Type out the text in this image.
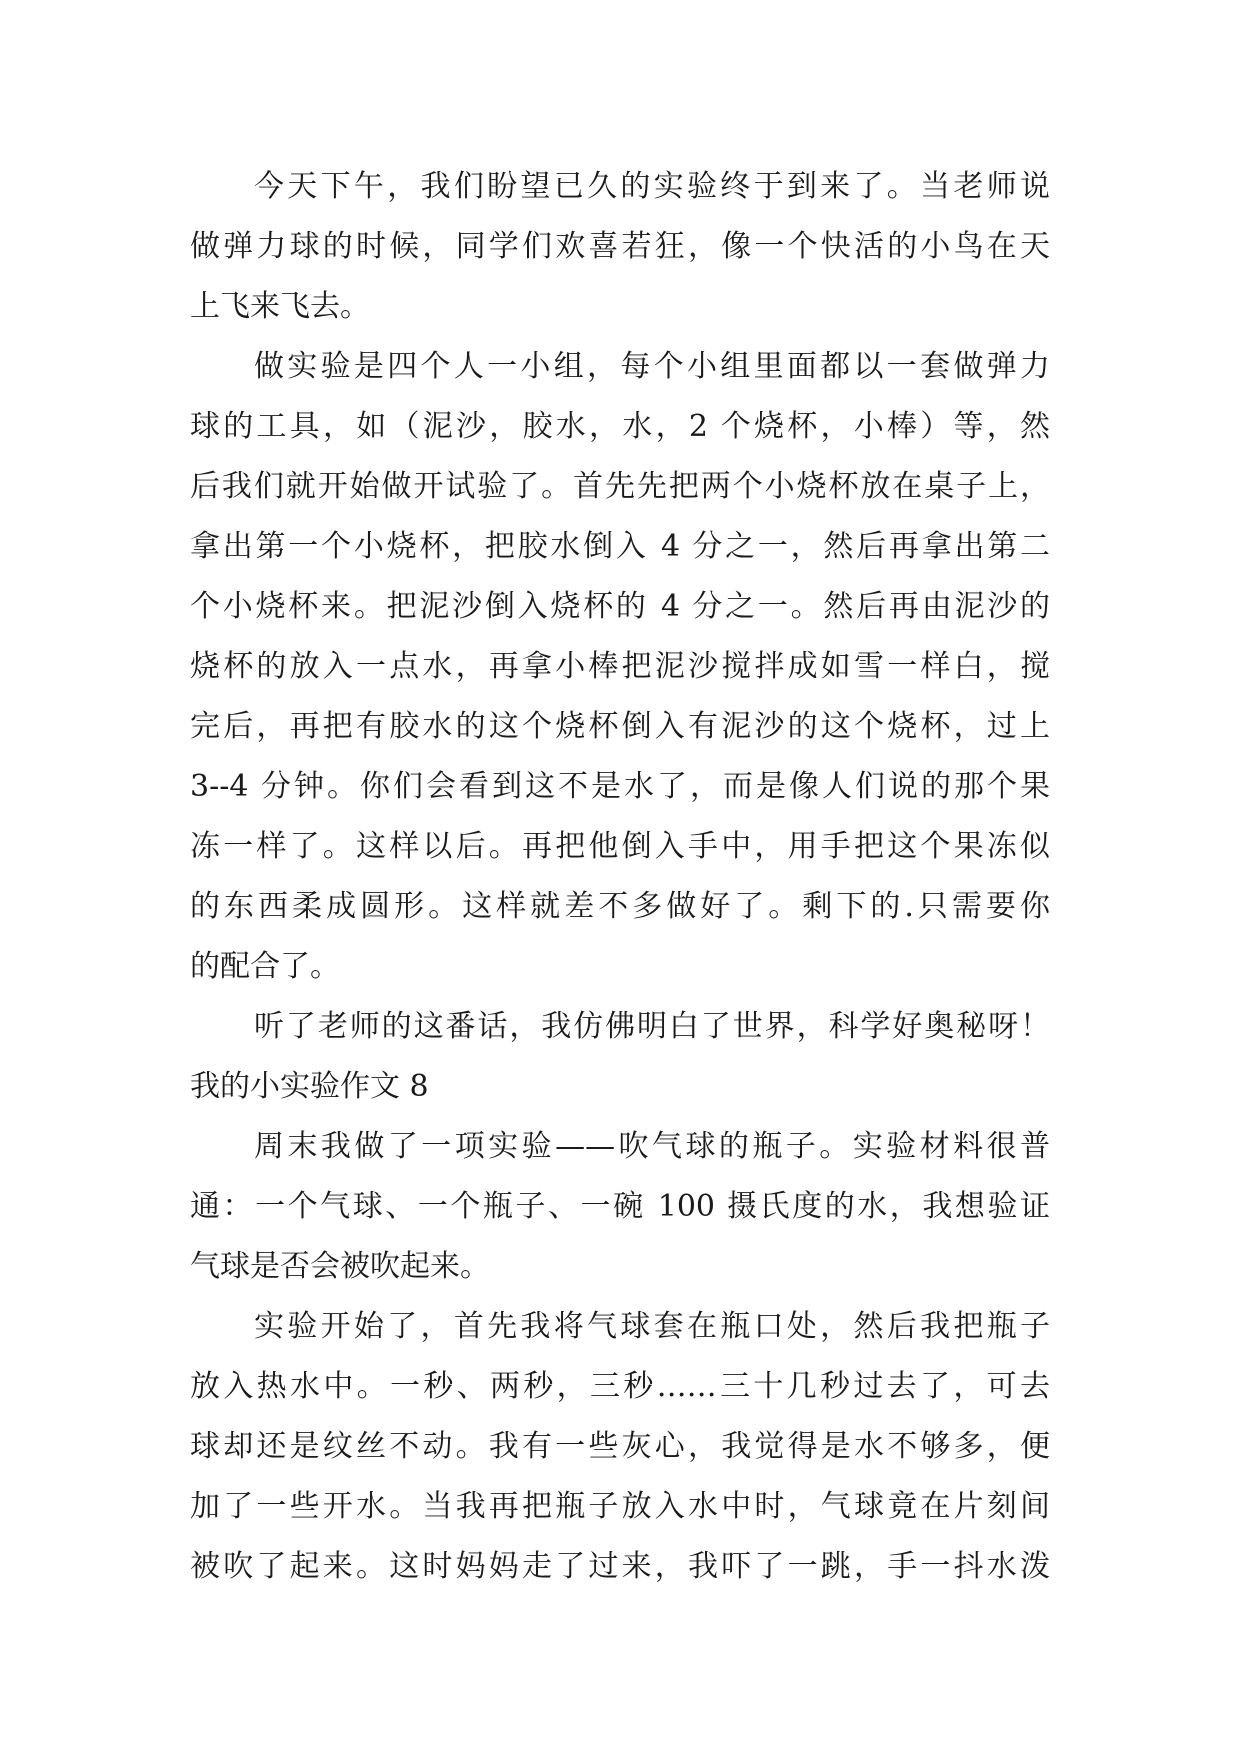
今天下午，我们盼望已久的实验终于到来了。当老师说
做弹力球的时候，同学们欢喜若狂，像一个快活的小鸟在天
上飞来飞去。
做实验是四个人一小组，每个小组里面都以一套做弹力
球的工具，如（泥沙，胶水，水，2 个烧杯，小棒）等，然
后我们就开始做开试验了。首先先把两个小烧杯放在桌子上，
拿出第一个小烧杯，把胶水倒入 4 分之一，然后再拿出第二
个小烧杯来。把泥沙倒入烧杯的 4 分之一。然后再由泥沙的
烧杯的放入一点水，再拿小棒把泥沙搅拌成如雪一样白，搅
完后，再把有胶水的这个烧杯倒入有泥沙的这个烧杯，过上
3--4 分钟。你们会看到这不是水了，而是像人们说的那个果
冻一样了。这样以后。再把他倒入手中，用手把这个果冻似
的东西柔成圆形。这样就差不多做好了。剩下的.只需要你
的配合了。
听了老师的这番话，我仿佛明白了世界，科学好奥秘呀！
我的小实验作文 8
周末我做了一项实验——吹气球的瓶子。实验材料很普
通：一个气球、一个瓶子、一碗 100 摄氏度的水，我想验证
气球是否会被吹起来。
实验开始了，首先我将气球套在瓶口处，然后我把瓶子
放入热水中。一秒、两秒，三秒……三十几秒过去了，可去
球却还是纹丝不动。我有一些灰心，我觉得是水不够多，便
加了一些开水。当我再把瓶子放入水中时，气球竟在片刻间
被吹了起来。这时妈妈走了过来，我吓了一跳，手一抖水泼
